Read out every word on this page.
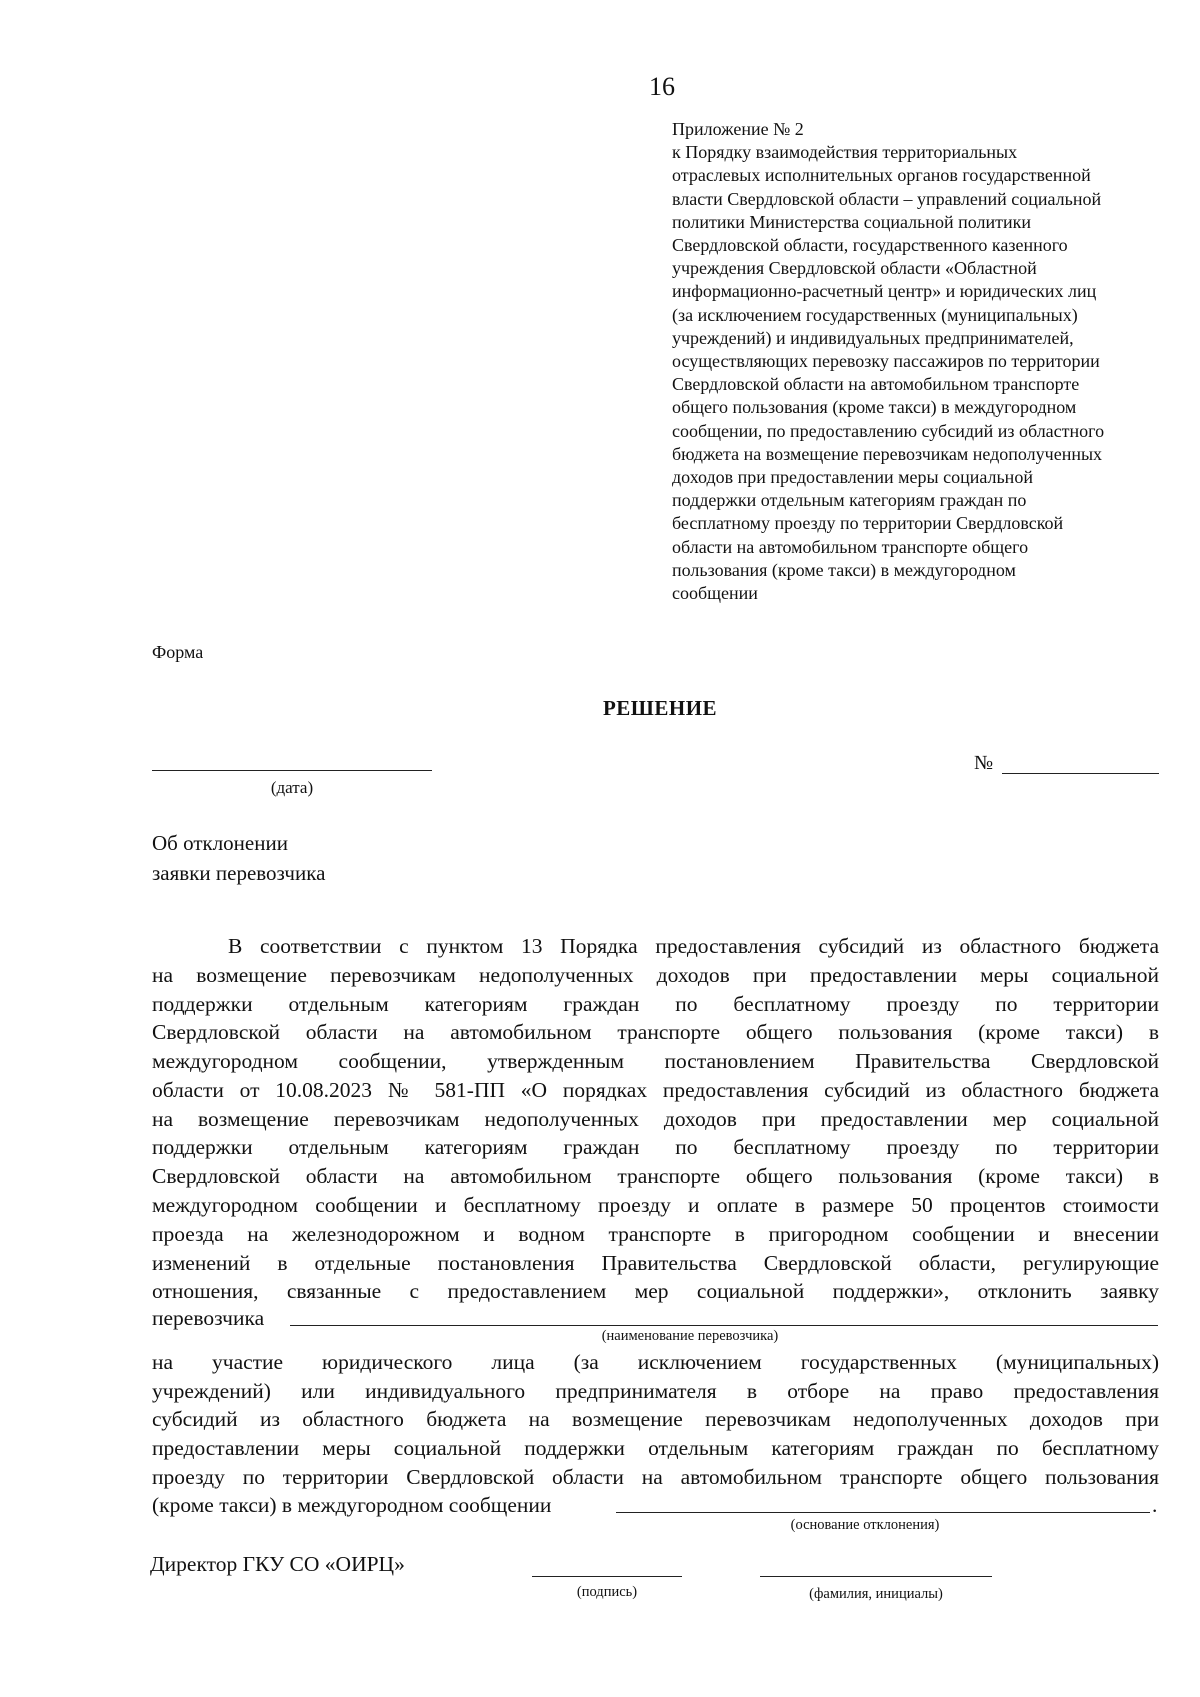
16
Приложение № 2
к Порядку взаимодействия территориальных
отраслевых исполнительных органов государственной
власти Свердловской области – управлений социальной
политики Министерства социальной политики
Свердловской области, государственного казенного
учреждения Свердловской области «Областной
информационно-расчетный центр» и юридических лиц
(за исключением государственных (муниципальных)
учреждений) и индивидуальных предпринимателей,
осуществляющих перевозку пассажиров по территории
Свердловской области на автомобильном транспорте
общего пользования (кроме такси) в междугородном
сообщении, по предоставлению субсидий из областного
бюджета на возмещение перевозчикам недополученных
доходов при предоставлении меры социальной
поддержки отдельным категориям граждан по
бесплатному проезду по территории Свердловской
области на автомобильном транспорте общего
пользования (кроме такси) в междугородном
сообщении
Форма
РЕШЕНИЕ
(дата)
№
Об отклонении
заявки перевозчика
В соответствии с пунктом 13 Порядка предоставления субсидий из областного бюджета
на возмещение перевозчикам недополученных доходов при предоставлении меры социальной
поддержки отдельным категориям граждан по бесплатному проезду по территории
Свердловской области на автомобильном транспорте общего пользования (кроме такси) в
междугородном сообщении, утвержденным постановлением Правительства Свердловской
области от 10.08.2023 № 581-ПП «О порядках предоставления субсидий из областного бюджета
на возмещение перевозчикам недополученных доходов при предоставлении мер социальной
поддержки отдельным категориям граждан по бесплатному проезду по территории
Свердловской области на автомобильном транспорте общего пользования (кроме такси) в
междугородном сообщении и бесплатному проезду и оплате в размере 50 процентов стоимости
проезда на железнодорожном и водном транспорте в пригородном сообщении и внесении
изменений в отдельные постановления Правительства Свердловской области, регулирующие
отношения, связанные с предоставлением мер социальной поддержки», отклонить заявку
перевозчика
(наименование перевозчика)
на участие юридического лица (за исключением государственных (муниципальных)
учреждений) или индивидуального предпринимателя в отборе на право предоставления
субсидий из областного бюджета на возмещение перевозчикам недополученных доходов при
предоставлении меры социальной поддержки отдельным категориям граждан по бесплатному
проезду по территории Свердловской области на автомобильном транспорте общего пользования
(кроме такси) в междугородном сообщении	.
(основание отклонения)
Директор ГКУ СО «ОИРЦ»
(подпись)	(фамилия, инициалы)
